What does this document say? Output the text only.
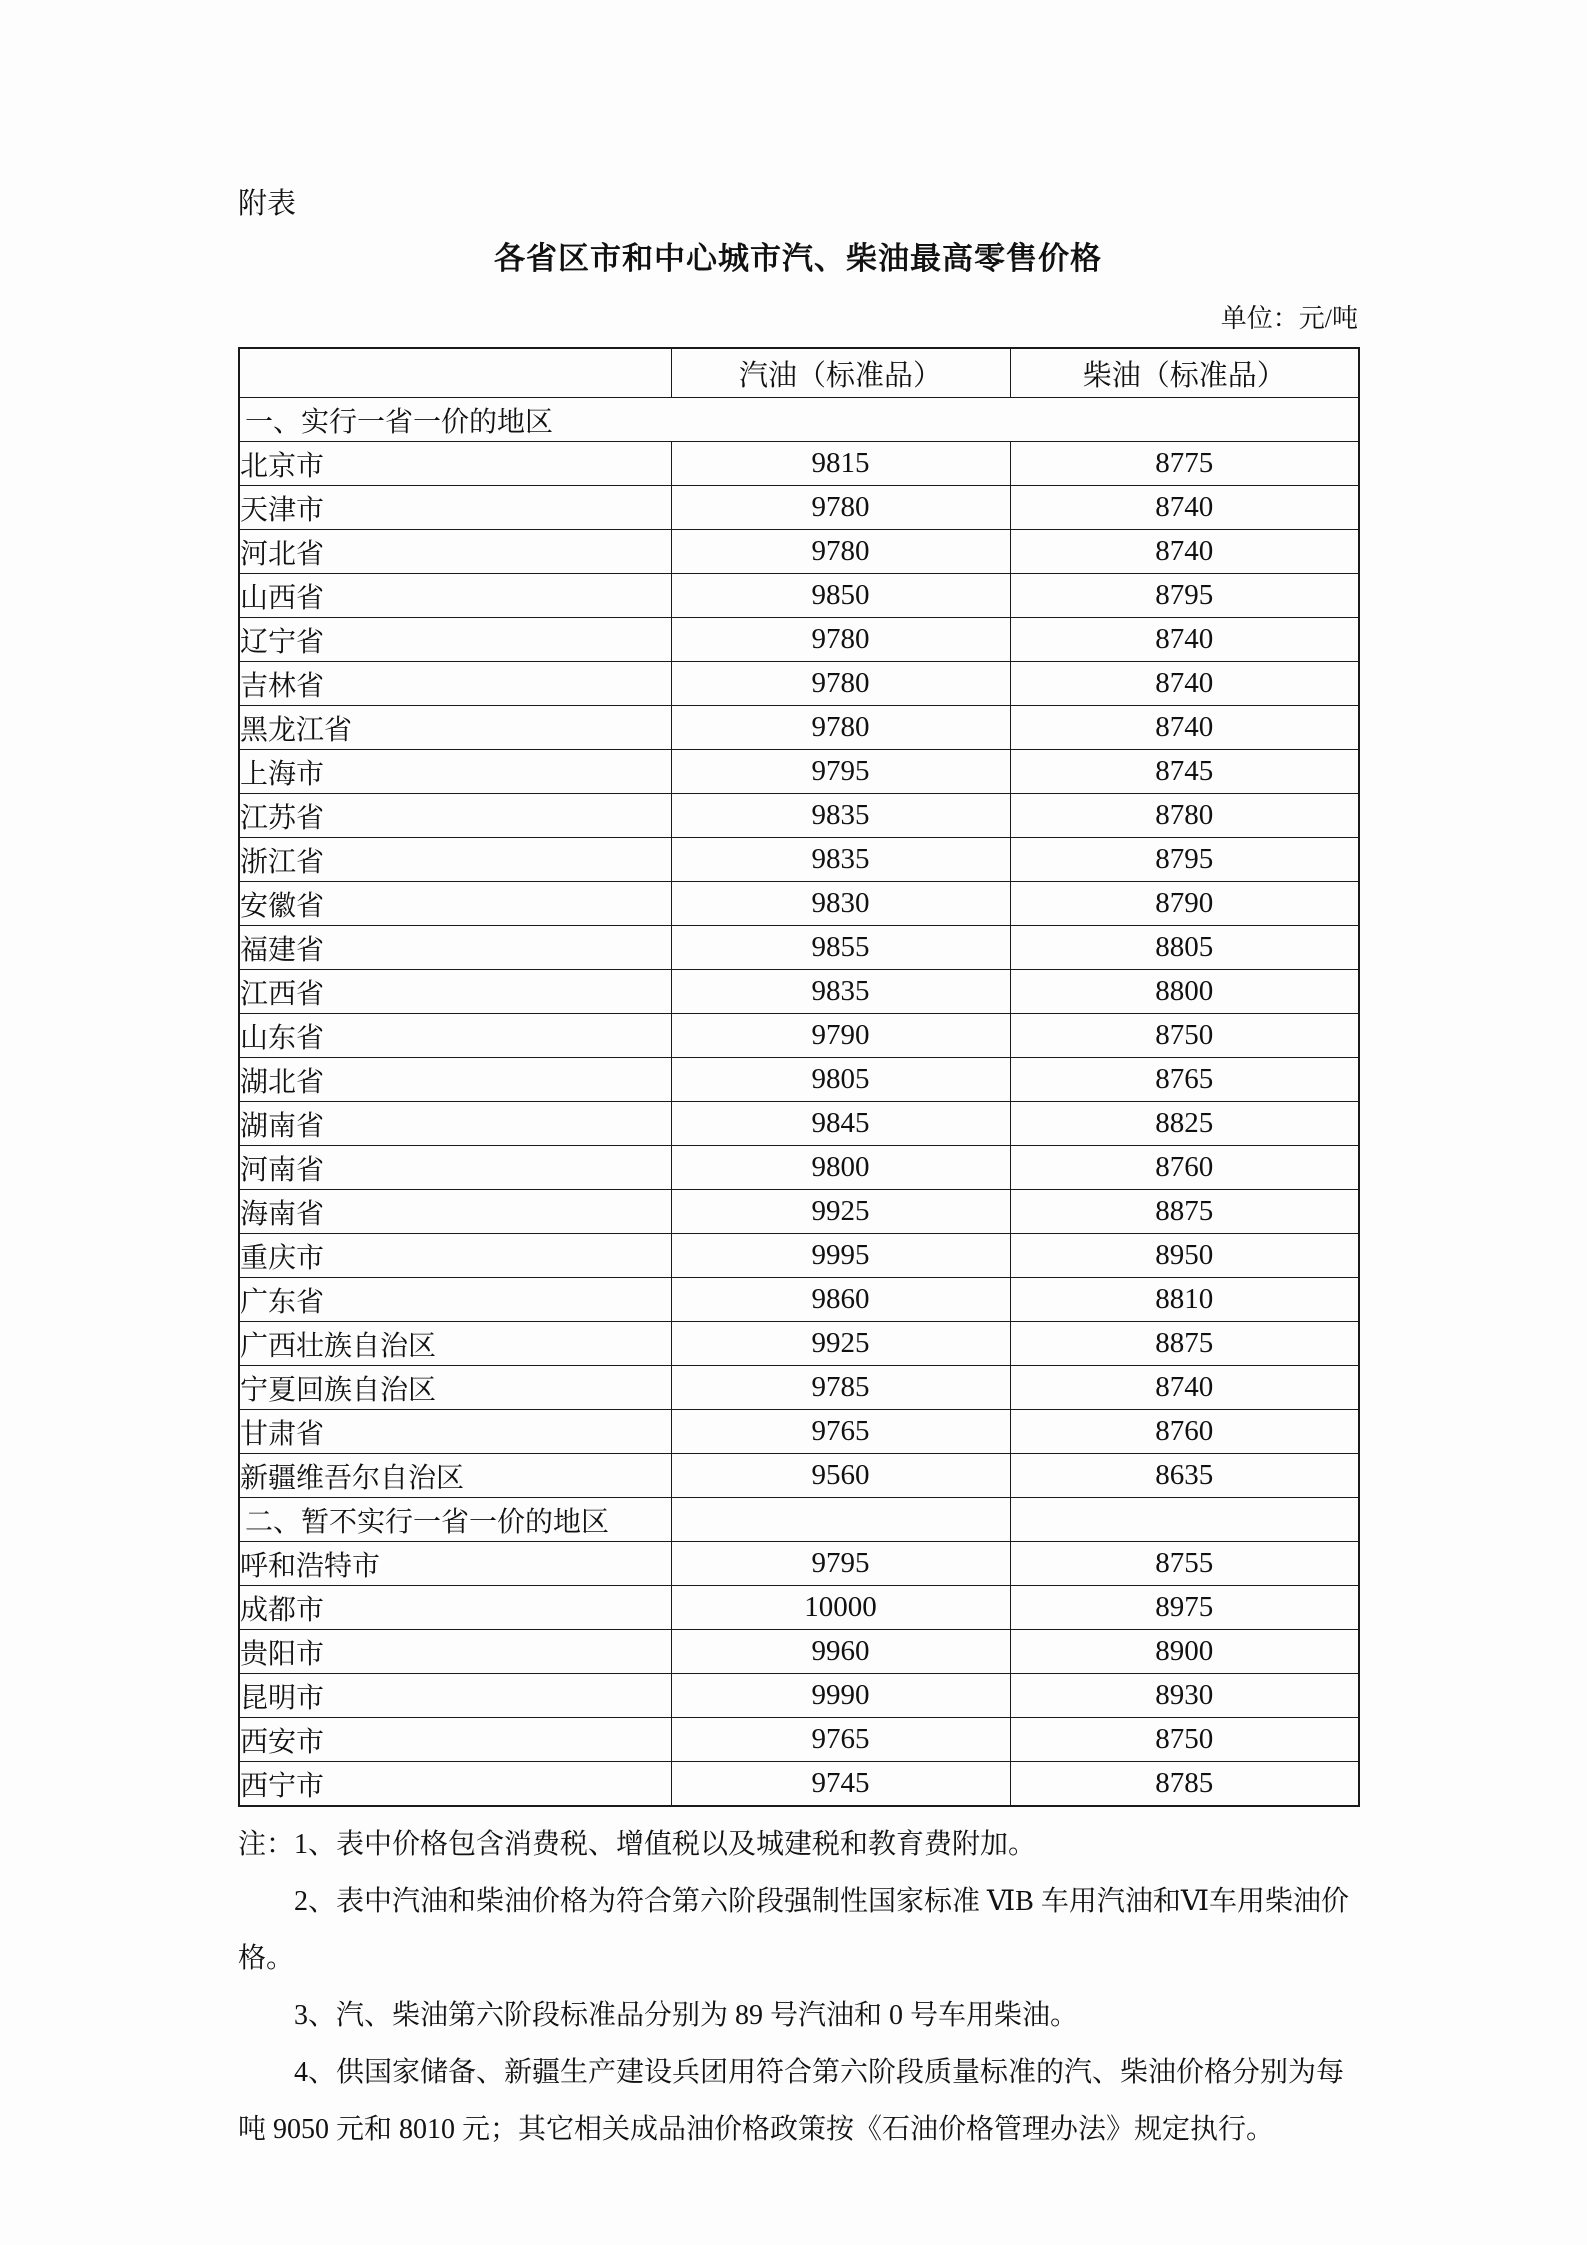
附表
各省区市和中心城市汽、柴油最高零售价格
单位：元/吨
	汽油（标准品）	柴油（标准品）
一、实行一省一价的地区		
北京市	9815	8775
天津市	9780	8740
河北省	9780	8740
山西省	9850	8795
辽宁省	9780	8740
吉林省	9780	8740
黑龙江省	9780	8740
上海市	9795	8745
江苏省	9835	8780
浙江省	9835	8795
安徽省	9830	8790
福建省	9855	8805
江西省	9835	8800
山东省	9790	8750
湖北省	9805	8765
湖南省	9845	8825
河南省	9800	8760
海南省	9925	8875
重庆市	9995	8950
广东省	9860	8810
广西壮族自治区	9925	8875
宁夏回族自治区	9785	8740
甘肃省	9765	8760
新疆维吾尔自治区	9560	8635
二、暂不实行一省一价的地区		
呼和浩特市	9795	8755
成都市	10000	8975
贵阳市	9960	8900
昆明市	9990	8930
西安市	9765	8750
西宁市	9745	8785

注：1、表中价格包含消费税、增值税以及城建税和教育费附加。

2、表中汽油和柴油价格为符合第六阶段强制性国家标准 ⅥB 车用汽油和Ⅵ车用柴油价格。

3、汽、柴油第六阶段标准品分别为 89 号汽油和 0 号车用柴油。

4、供国家储备、新疆生产建设兵团用符合第六阶段质量标准的汽、柴油价格分别为每吨 9050 元和 8010 元；其它相关成品油价格政策按《石油价格管理办法》规定执行。
